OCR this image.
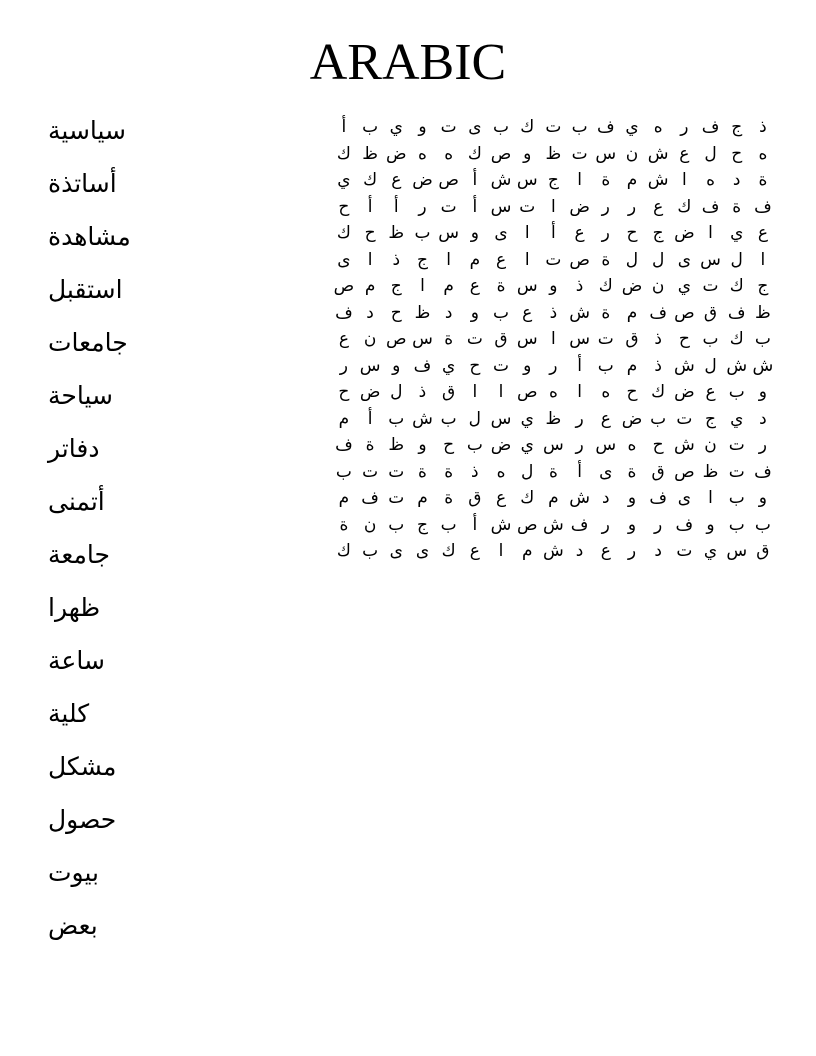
ARABIC
سياسية
أساتذة
مشاهدة
استقبل
جامعات
سياحة
دفاتر
أتمنى
جامعة
ظهرا
ساعة
كلية
مشكل
حصول
بيوت
بعض
ذ
ج
ف
ر
ه
ي
ف
ب
ت
ك
ب
ى
ت
و
ي
ب
أ
ه
ح
ل
ع
ش
ن
س
ت
ظ
و
ص
ك
ه
ه
ض
ظ
ك
ة
د
ه
ا
ش
م
ة
ا
ج
س
ش
أ
ص
ض
ع
ك
ي
ف
ة
ف
ك
ع
ر
ر
ض
ا
ت
س
أ
ت
ر
أ
أ
ح
ع
ي
ا
ض
ج
ح
ر
ع
أ
ا
ى
و
س
ب
ظ
ح
ك
ا
ل
س
ى
ل
ل
ة
ص
ت
ا
ع
م
ا
ج
ذ
ا
ى
ج
ك
ت
ي
ن
ض
ك
ذ
و
س
ة
ع
م
ا
ج
م
ص
ظ
ف
ق
ص
ف
م
ة
ش
ذ
ع
ب
و
د
ظ
ح
د
ف
ب
ك
ب
ح
ذ
ق
ت
س
ا
س
ق
ت
ة
س
ص
ن
ع
ش
ش
ل
ش
ذ
م
ب
أ
ر
و
ت
ح
ي
ف
و
س
ر
و
ب
ع
ض
ك
ح
ه
ا
ه
ص
ا
ا
ق
ذ
ل
ض
ح
د
ي
ج
ت
ب
ض
ع
ر
ظ
ي
س
ل
ب
ش
ب
أ
م
ر
ت
ن
ش
ح
ه
س
ر
س
ي
ض
ب
ح
و
ظ
ة
ف
ف
ت
ظ
ص
ق
ة
ى
أ
ة
ل
ه
ذ
ة
ة
ت
ت
ب
و
ب
ا
ى
ف
و
د
ش
م
ك
ع
ق
ة
م
ت
ف
م
ب
ب
و
ف
ر
و
ر
ف
ش
ص
ش
أ
ب
ج
ب
ن
ة
ق
س
ي
ت
د
ر
ع
د
ش
م
ا
ع
ك
ى
ى
ب
ك
